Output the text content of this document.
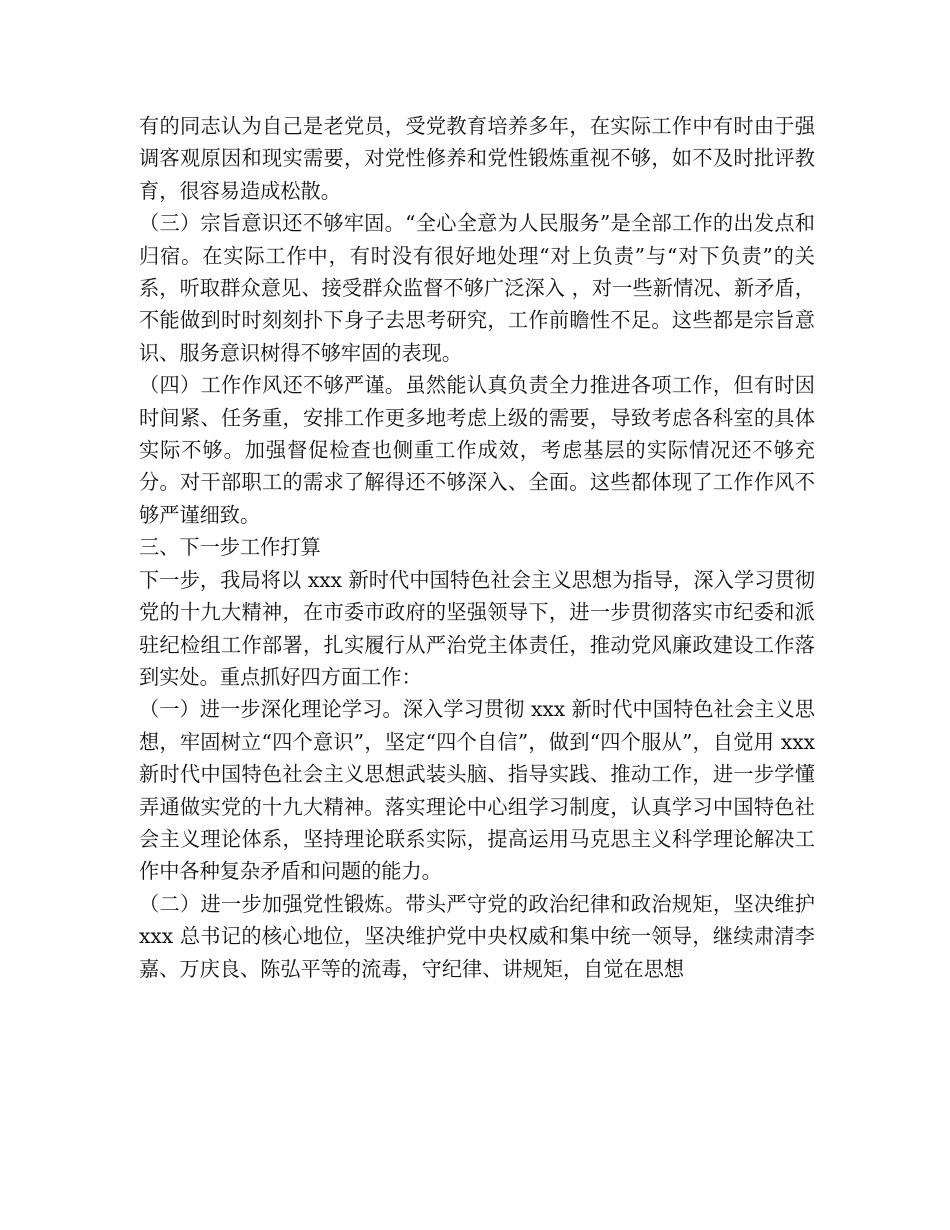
有的同志认为自己是老党员，受党教育培养多年，在实际工作中有时由于强调客观原因和现实需要，对党性修养和党性锻炼重视不够，如不及时批评教育，很容易造成松散。

（三）宗旨意识还不够牢固。“全心全意为人民服务”是全部工作的出发点和归宿。在实际工作中，有时没有很好地处理“对上负责”与“对下负责”的关系，听取群众意见、接受群众监督不够广泛深入 ，对一些新情况、新矛盾，不能做到时时刻刻扑下身子去思考研究，工作前瞻性不足。这些都是宗旨意识、服务意识树得不够牢固的表现。

（四）工作作风还不够严谨。虽然能认真负责全力推进各项工作，但有时因时间紧、任务重，安排工作更多地考虑上级的需要，导致考虑各科室的具体实际不够。加强督促检查也侧重工作成效，考虑基层的实际情况还不够充分。对干部职工的需求了解得还不够深入、全面。这些都体现了工作作风不够严谨细致。

三、下一步工作打算

下一步，我局将以 xxx 新时代中国特色社会主义思想为指导，深入学习贯彻党的十九大精神，在市委市政府的坚强领导下，进一步贯彻落实市纪委和派驻纪检组工作部署，扎实履行从严治党主体责任，推动党风廉政建设工作落到实处。重点抓好四方面工作：

（一）进一步深化理论学习。深入学习贯彻 xxx 新时代中国特色社会主义思想，牢固树立“四个意识”，坚定“四个自信”，做到“四个服从”，自觉用 xxx 新时代中国特色社会主义思想武装头脑、指导实践、推动工作，进一步学懂弄通做实党的十九大精神。落实理论中心组学习制度，认真学习中国特色社会主义理论体系，坚持理论联系实际，提高运用马克思主义科学理论解决工作中各种复杂矛盾和问题的能力。

（二）进一步加强党性锻炼。带头严守党的政治纪律和政治规矩，坚决维护 xxx 总书记的核心地位，坚决维护党中央权威和集中统一领导，继续肃清李嘉、万庆良、陈弘平等的流毒，守纪律、讲规矩，自觉在思想
